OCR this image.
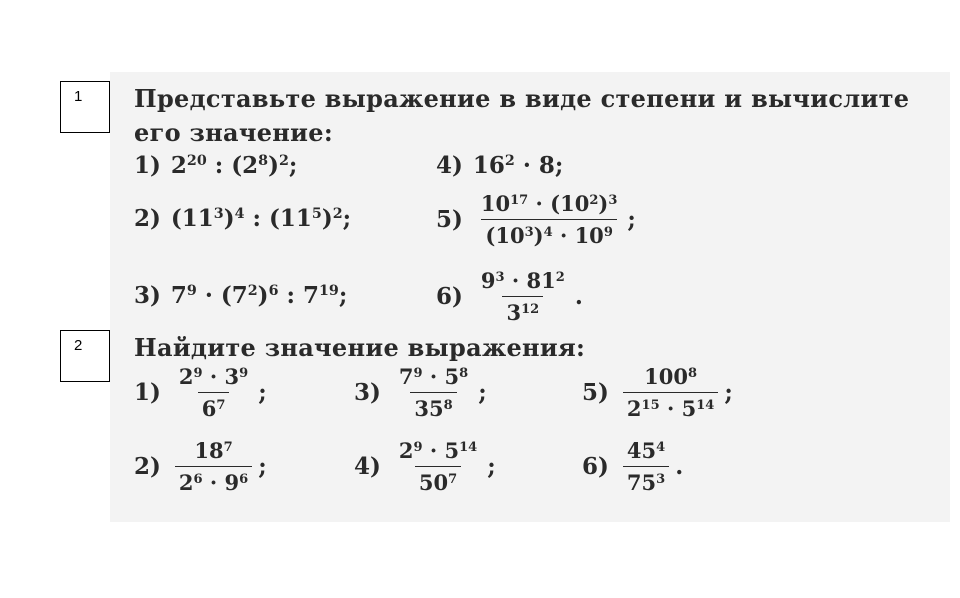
1	Представьте выражение в виде степени и вычислите
его значение:
1) $2^{20}$ : $(2^8)^2$;
2) $(11^3)^4$ : $(11^5)^2$;
3) $7^9 \cdot (7^2)^6$ : $7^{19}$;
4) $16^2 \cdot 8$;
$5) \frac{10^{17} \cdot (10^2)^3}{(10^3)^4 \cdot 10^9}$ ;
$6) \frac{9^3 \cdot 81^2}{3^{12}}$ .
2	Найдите значение выражения:
$1) \frac{2^9 \cdot 3^9}{6^7}$ ;
$2) \frac{18^7}{2^6 \cdot 9^6}$ ;
$3) \frac{7^9 \cdot 5^8}{35^8}$ ;
$4) \frac{2^9 \cdot 5^{14}}{50^7}$ ;
$5) \frac{100^8}{2^{15} \cdot 5^{14}}$ ;
$6) \frac{45^4}{75^3}$ .
